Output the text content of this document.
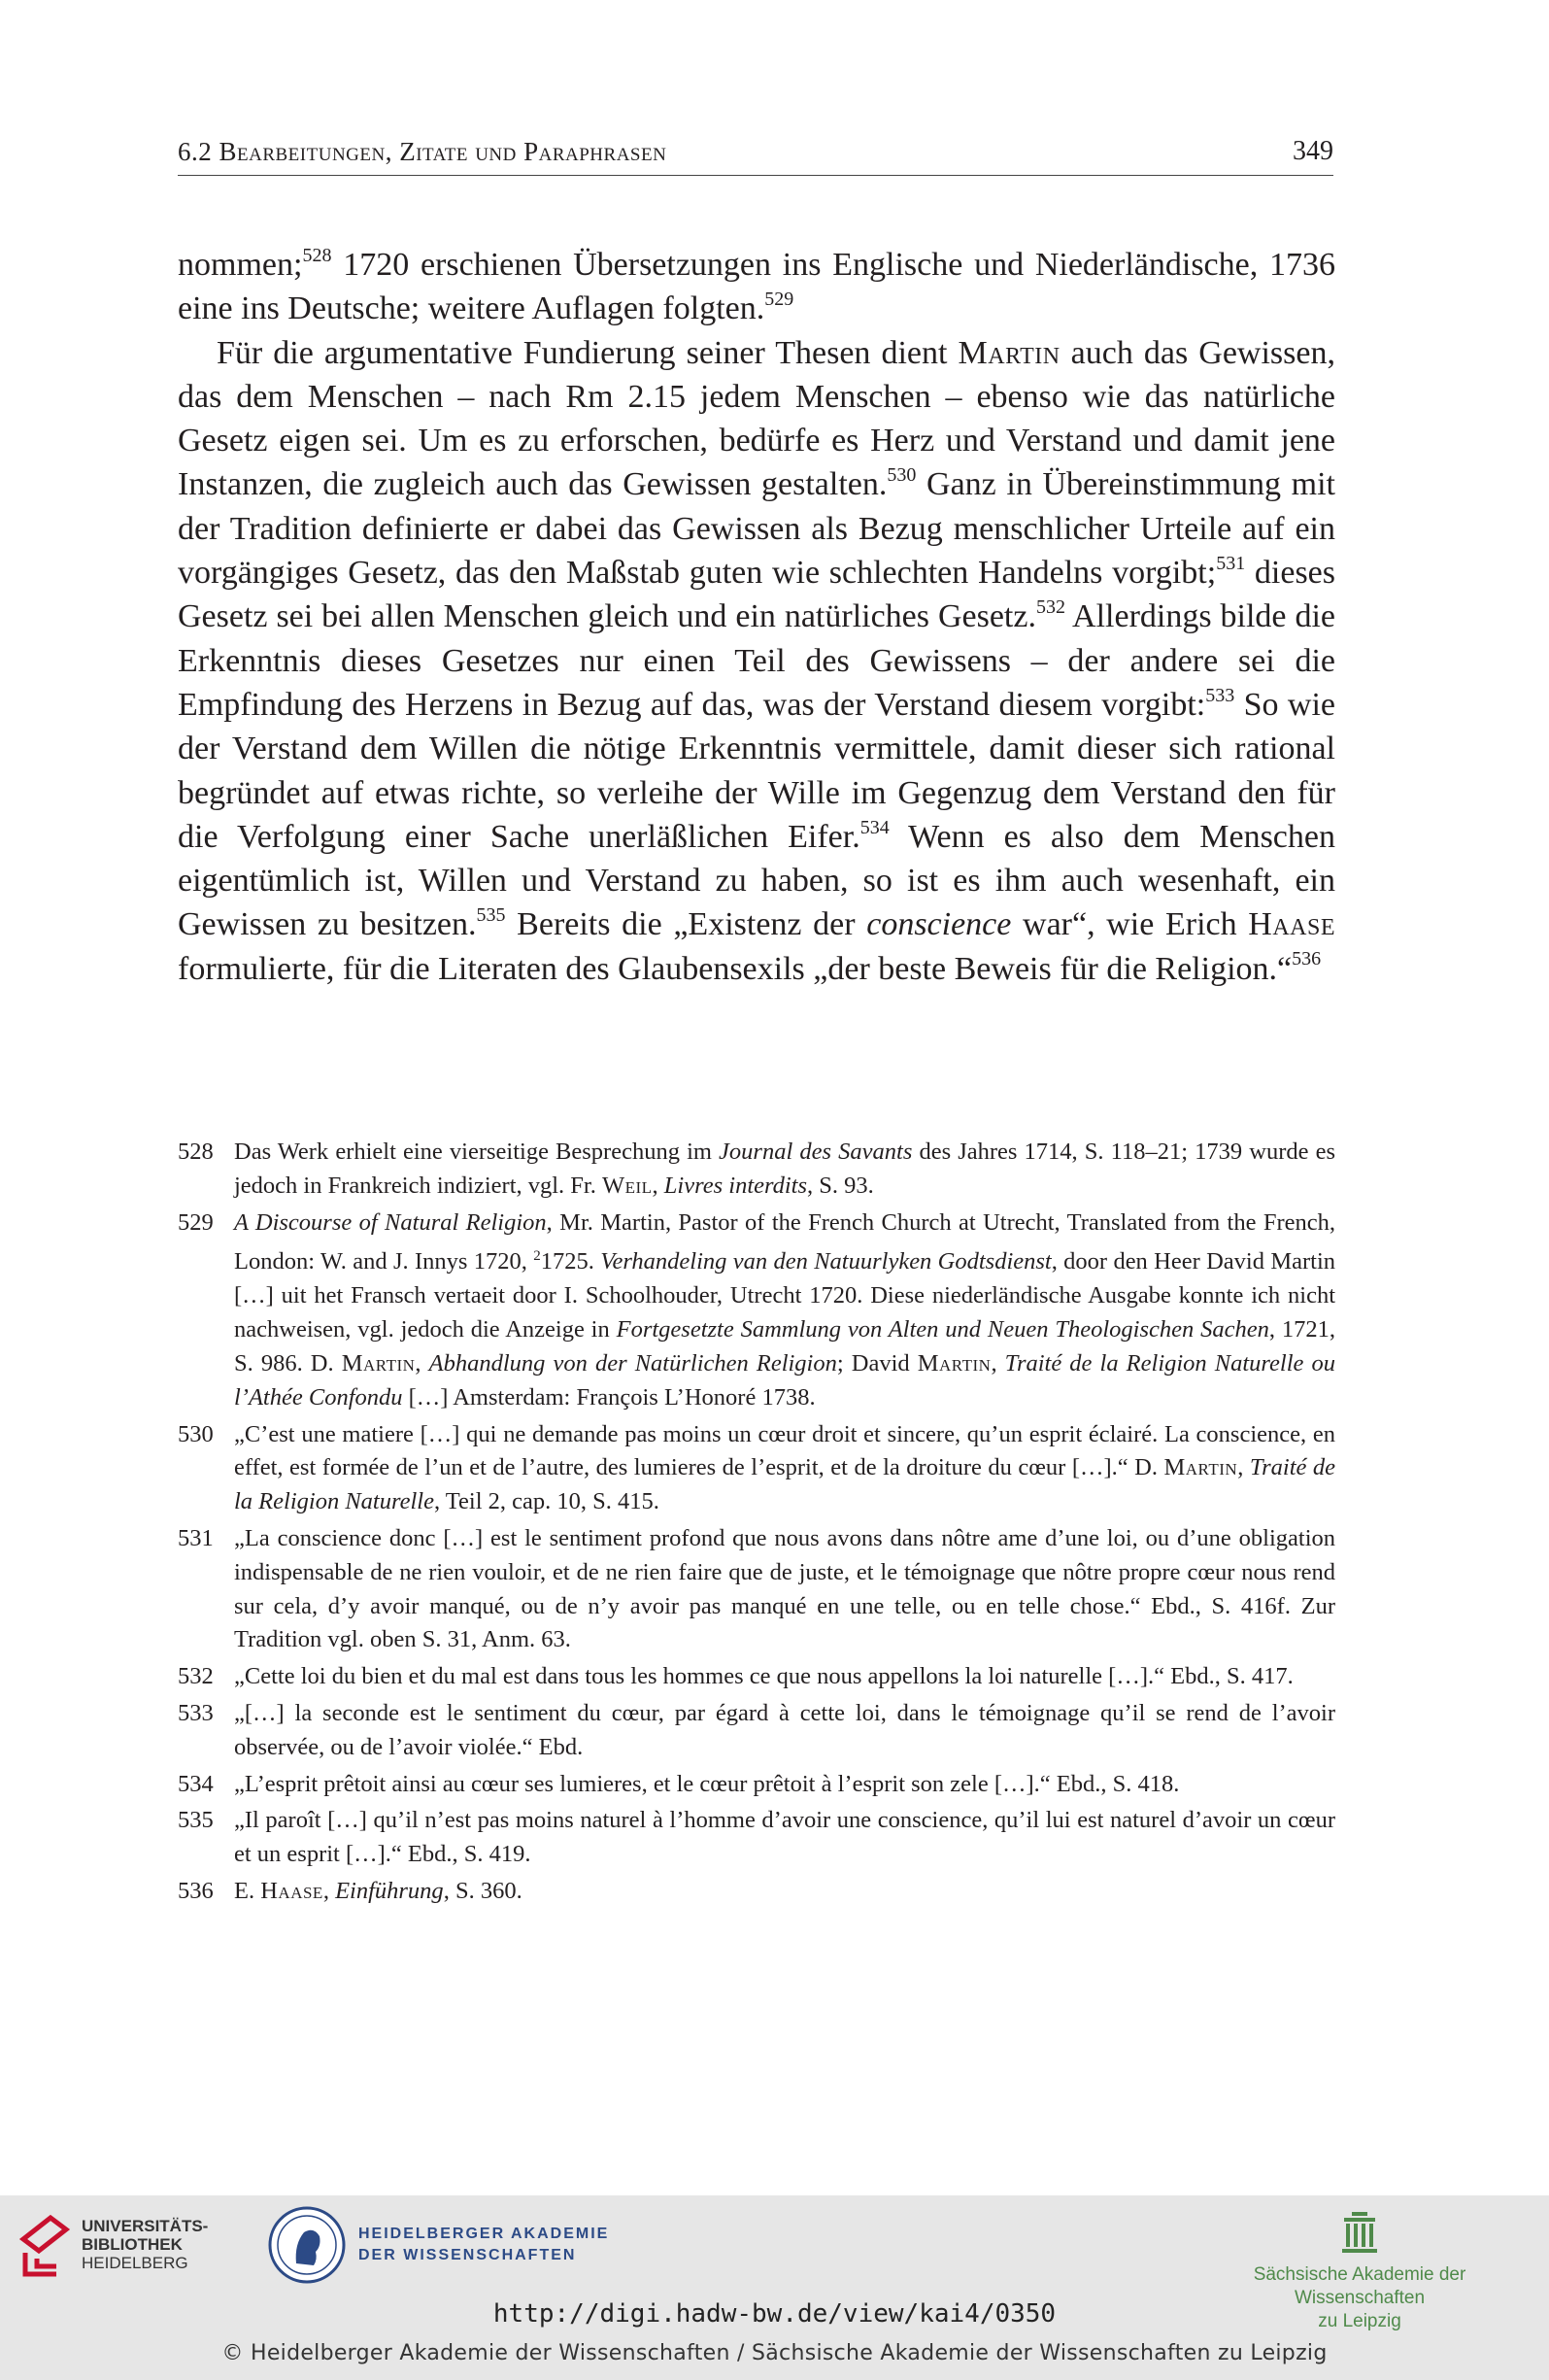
6.2 Bearbeitungen, Zitate und Paraphrasen	349

nommen;$^{528}$ 1720 erschienen Übersetzungen ins Englische und Niederländische, 1736 eine ins Deutsche; weitere Auflagen folgten.$^{529}$

Für die argumentative Fundierung seiner Thesen dient Martin auch das Gewissen, das dem Menschen – nach Rm 2.15 jedem Menschen – ebenso wie das natürliche Gesetz eigen sei. Um es zu erforschen, bedürfe es Herz und Verstand und damit jene Instanzen, die zugleich auch das Gewissen gestalten.$^{530}$ Ganz in Übereinstimmung mit der Tradition definierte er dabei das Gewissen als Bezug menschlicher Urteile auf ein vorgängiges Gesetz, das den Maßstab guten wie schlechten Handelns vorgibt;$^{531}$ dieses Gesetz sei bei allen Menschen gleich und ein natürliches Gesetz.$^{532}$ Allerdings bilde die Erkenntnis dieses Gesetzes nur einen Teil des Gewissens – der andere sei die Empfindung des Herzens in Bezug auf das, was der Verstand diesem vorgibt:$^{533}$ So wie der Verstand dem Willen die nötige Erkenntnis vermittele, damit dieser sich rational begründet auf etwas richte, so verleihe der Wille im Gegenzug dem Verstand den für die Verfolgung einer Sache unerläßlichen Eifer.$^{534}$ Wenn es also dem Menschen eigentümlich ist, Willen und Verstand zu haben, so ist es ihm auch wesenhaft, ein Gewissen zu besitzen.$^{535}$ Bereits die „Existenz der conscience war“, wie Erich Haase formulierte, für die Literaten des Glaubensexils „der beste Beweis für die Religion.“$^{536}$

528 Das Werk erhielt eine vierseitige Besprechung im Journal des Savants des Jahres 1714, S. 118–21; 1739 wurde es jedoch in Frankreich indiziert, vgl. Fr. Weil, Livres interdits, S. 93.
529 A Discourse of Natural Religion, Mr. Martin, Pastor of the French Church at Utrecht, Translated from the French, London: W. and J. Innys 1720, $^2$1725. Verhandeling van den Natuurlyken Godtsdienst, door den Heer David Martin […] uit het Fransch vertaeit door I. Schoolhouder, Utrecht 1720. Diese niederländische Ausgabe konnte ich nicht nachweisen, vgl. jedoch die Anzeige in Fortgesetzte Sammlung von Alten und Neuen Theologischen Sachen, 1721, S. 986. D. Martin, Abhandlung von der Natürlichen Religion; David Martin, Traité de la Religion Naturelle ou l’Athée Confondu […] Amsterdam: François L’Honoré 1738.
530 „C’est une matiere […] qui ne demande pas moins un cœur droit et sincere, qu’un esprit éclairé. La conscience, en effet, est formée de l’un et de l’autre, des lumieres de l’esprit, et de la droiture du cœur […].“ D. Martin, Traité de la Religion Naturelle, Teil 2, cap. 10, S. 415.
531 „La conscience donc […] est le sentiment profond que nous avons dans nôtre ame d’une loi, ou d’une obligation indispensable de ne rien vouloir, et de ne rien faire que de juste, et le témoignage que nôtre propre cœur nous rend sur cela, d’y avoir manqué, ou de n’y avoir pas manqué en une telle, ou en telle chose.“ Ebd., S. 416f. Zur Tradition vgl. oben S. 31, Anm. 63.
532 „Cette loi du bien et du mal est dans tous les hommes ce que nous appellons la loi naturelle […].“ Ebd., S. 417.
533 „[…] la seconde est le sentiment du cœur, par égard à cette loi, dans le témoignage qu’il se rend de l’avoir observée, ou de l’avoir violée.“ Ebd.
534 „L’esprit prêtoit ainsi au cœur ses lumieres, et le cœur prêtoit à l’esprit son zele […].“ Ebd., S. 418.
535 „Il paroît […] qu’il n’est pas moins naturel à l’homme d’avoir une conscience, qu’il lui est naturel d’avoir un cœur et un esprit […].“ Ebd., S. 419.
536 E. Haase, Einführung, S. 360.
UNIVERSITÄTS-
BIBLIOTHEK
HEIDELBERG
HEIDELBERGER AKADEMIE
DER WISSENSCHAFTEN
Sächsische Akademie der Wissenschaften
zu Leipzig
http://digi.hadw-bw.de/view/kai4/0350
© Heidelberger Akademie der Wissenschaften / Sächsische Akademie der Wissenschaften zu Leipzig
